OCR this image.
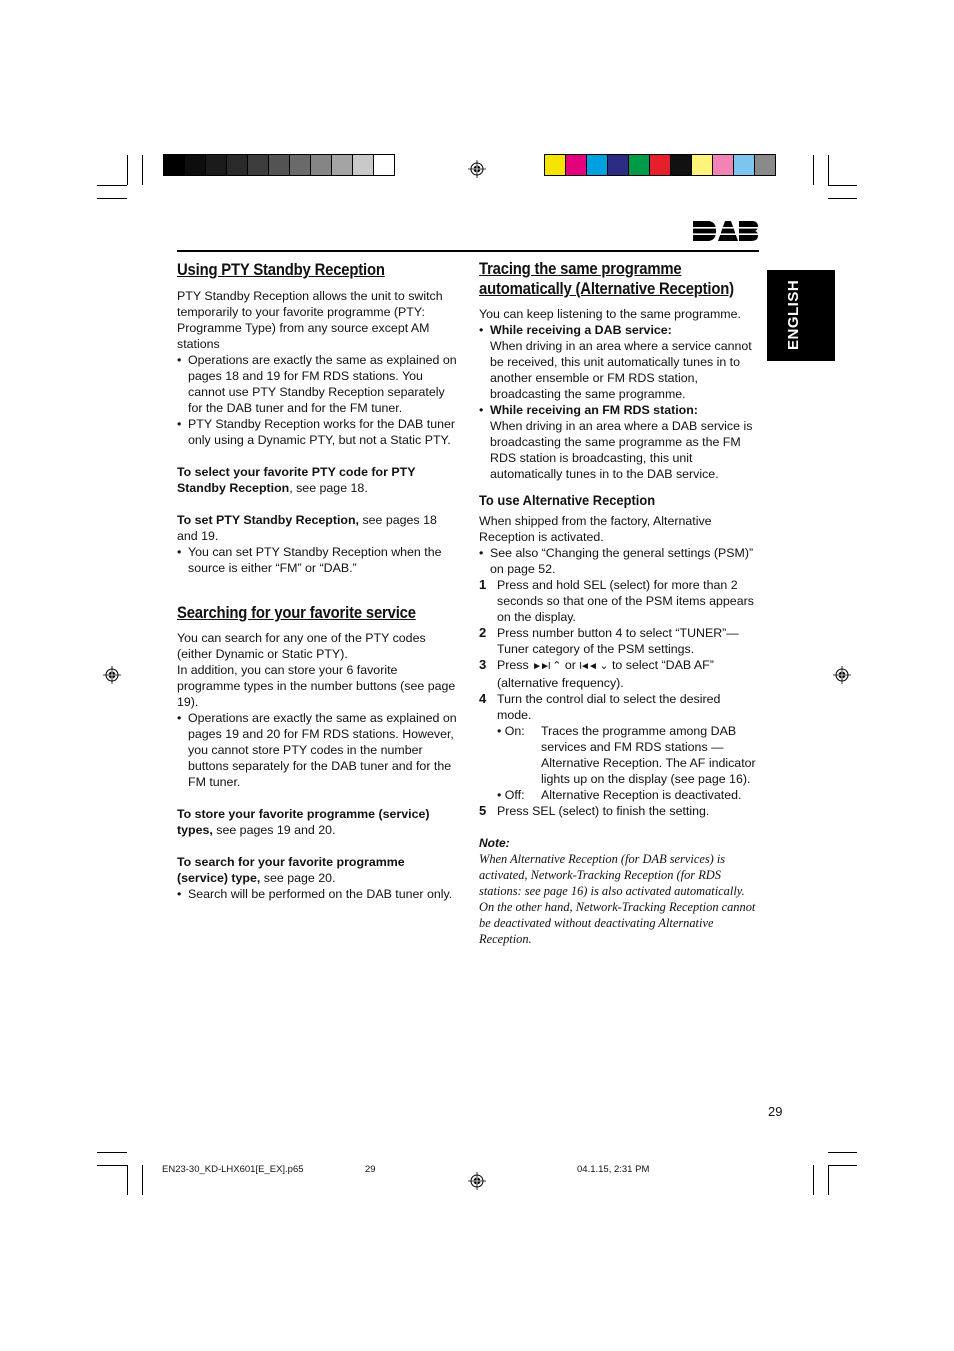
ENGLISH
Using PTY Standby Reception

PTY Standby Reception allows the unit to switch temporarily to your favorite programme (PTY: Programme Type) from any source except AM stations

• Operations are exactly the same as explained on pages 18 and 19 for FM RDS stations. You cannot use PTY Standby Reception separately for the DAB tuner and for the FM tuner.
• PTY Standby Reception works for the DAB tuner only using a Dynamic PTY, but not a Static PTY.

To select your favorite PTY code for PTY Standby Reception, see page 18.

To set PTY Standby Reception, see pages 18 and 19.

• You can set PTY Standby Reception when the source is either “FM” or “DAB.”
Searching for your favorite service

You can search for any one of the PTY codes (either Dynamic or Static PTY).

In addition, you can store your 6 favorite programme types in the number buttons (see page 19).

• Operations are exactly the same as explained on pages 19 and 20 for FM RDS stations. However, you cannot store PTY codes in the number buttons separately for the DAB tuner and for the FM tuner.

To store your favorite programme (service) types, see pages 19 and 20.

To search for your favorite programme (service) type, see page 20.

• Search will be performed on the DAB tuner only.
Tracing the same programme
automatically (Alternative Reception)

You can keep listening to the same programme.

• While receiving a DAB service:
When driving in an area where a service cannot be received, this unit automatically tunes in to another ensemble or FM RDS station, broadcasting the same programme.
• While receiving an FM RDS station:
When driving in an area where a DAB service is broadcasting the same programme as the FM RDS station is broadcasting, this unit automatically tunes in to the DAB service.
To use Alternative Reception

When shipped from the factory, Alternative Reception is activated.

• See also “Changing the general settings (PSM)” on page 52.
1 Press and hold SEL (select) for more than 2 seconds so that one of the PSM items appears on the display.
2 Press number button 4 to select “TUNER”—Tuner category of the PSM settings.
3 Press ►►I ⌃ or I◄◄ ⌄ to select “DAB AF” (alternative frequency).
4 Turn the control dial to select the desired mode.
• On: Traces the programme among DAB services and FM RDS stations —Alternative Reception. The AF indicator lights up on the display (see page 16).
• Off: Alternative Reception is deactivated.
5 Press SEL (select) to finish the setting.
Note:
When Alternative Reception (for DAB services) is activated, Network-Tracking Reception (for RDS stations: see page 16) is also activated automatically. On the other hand, Network-Tracking Reception cannot be deactivated without deactivating Alternative Reception.
29
EN23-30_KD-LHX601[E_EX].p65	29	04.1.15, 2:31 PM
